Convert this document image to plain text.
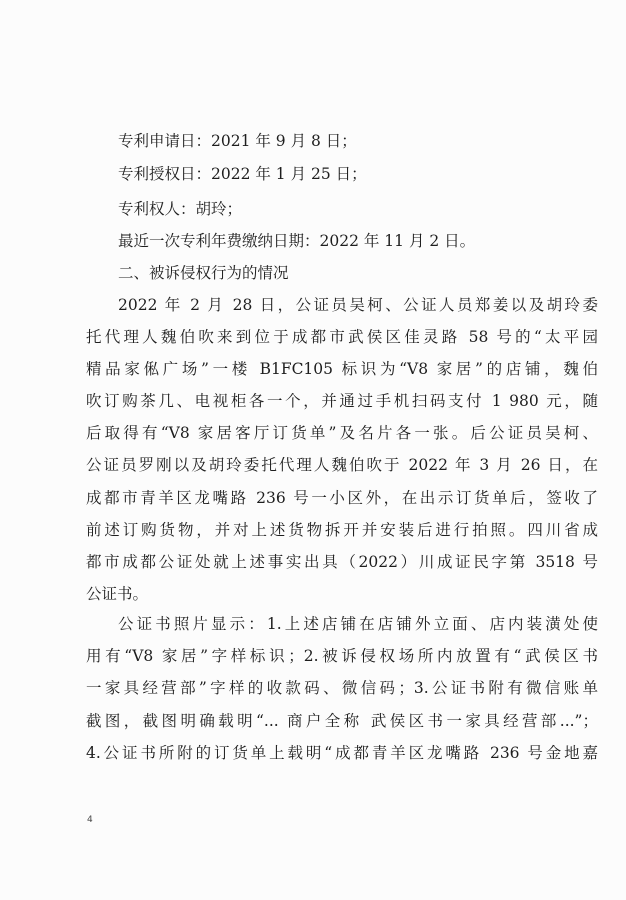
专利申请日：2021 年 9 月 8 日；
专利授权日：2022 年 1 月 25 日；
专利权人：胡玲；
最近一次专利年费缴纳日期：2022 年 11 月 2 日。
二、被诉侵权行为的情况
2022 年 2 月 28 日，公证员吴柯、公证人员郑姜以及胡玲委
托代理人魏伯吹来到位于成都市武侯区佳灵路 58 号的“太平园
精品家俬广场”一楼 B1FC105 标识为“V8 家居”的店铺，魏伯
吹订购茶几、电视柜各一个，并通过手机扫码支付 1 980 元，随
后取得有“V8 家居客厅订货单”及名片各一张。后公证员吴柯、
公证员罗刚以及胡玲委托代理人魏伯吹于 2022 年 3 月 26 日，在
成都市青羊区龙嘴路 236 号一小区外，在出示订货单后，签收了
前述订购货物，并对上述货物拆开并安装后进行拍照。四川省成
都市成都公证处就上述事实出具（2022）川成证民字第 3518 号
公证书。
公证书照片显示：1.上述店铺在店铺外立面、店内装潢处使
用有“V8 家居”字样标识；2.被诉侵权场所内放置有“武侯区书
一家具经营部”字样的收款码、微信码；3.公证书附有微信账单
截图，截图明确载明“... 商户全称 武侯区书一家具经营部...”；
4.公证书所附的订货单上载明“成都青羊区龙嘴路 236 号金地嘉
4
